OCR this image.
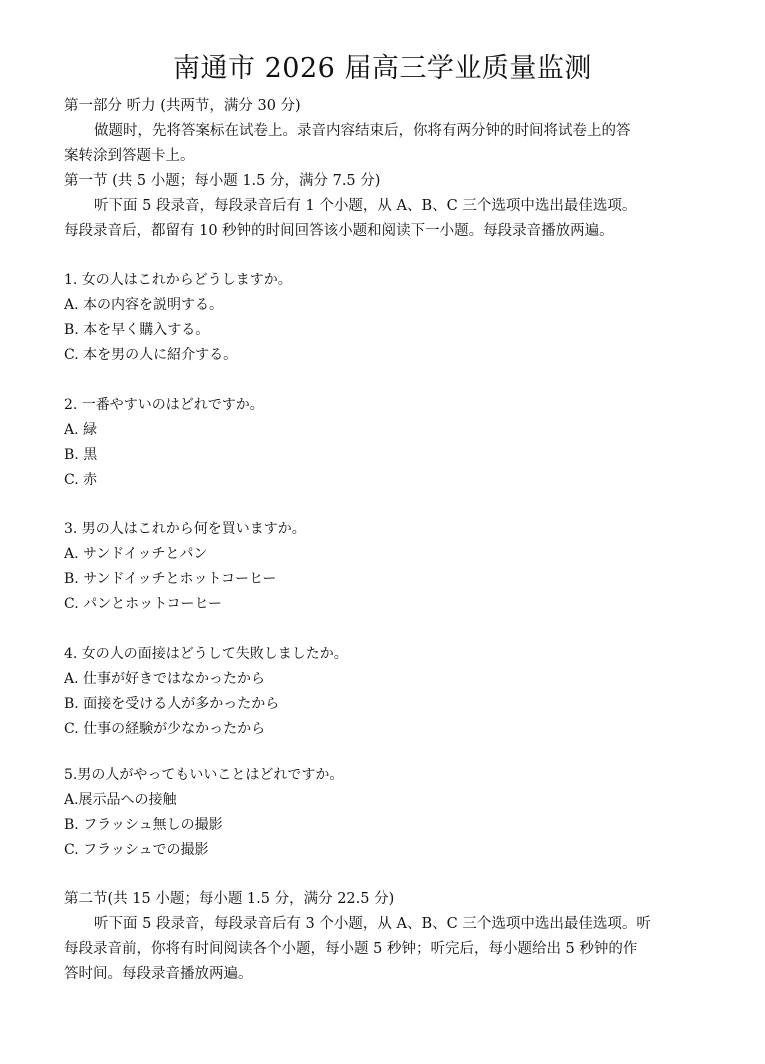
南通市 2026 届高三学业质量监测
第一部分 听力 (共两节，满分 30 分)
做题时，先将答案标在试卷上。录音内容结束后，你将有两分钟的时间将试卷上的答
案转涂到答题卡上。
第一节 (共 5 小题；每小题 1.5 分，满分 7.5 分)
听下面 5 段录音，每段录音后有 1 个小题，从 A、B、C 三个选项中选出最佳选项。
每段录音后，都留有 10 秒钟的时间回答该小题和阅读下一小题。每段录音播放两遍。
1. 女の人はこれからどうしますか。
A. 本の内容を説明する。
B. 本を早く購入する。
C. 本を男の人に紹介する。
2. 一番やすいのはどれですか。
A. 緑
B. 黒
C. 赤
3. 男の人はこれから何を買いますか。
A. サンドイッチとパン
B. サンドイッチとホットコーヒー
C. パンとホットコーヒー
4. 女の人の面接はどうして失敗しましたか。
A. 仕事が好きではなかったから
B. 面接を受ける人が多かったから
C. 仕事の経験が少なかったから
5.男の人がやってもいいことはどれですか。
A.展示品への接触
B. フラッシュ無しの撮影
C. フラッシュでの撮影
第二节(共 15 小题；每小题 1.5 分，满分 22.5 分)
听下面 5 段录音，每段录音后有 3 个小题，从 A、B、C 三个选项中选出最佳选项。听
每段录音前，你将有时间阅读各个小题，每小题 5 秒钟；听完后，每小题给出 5 秒钟的作
答时间。每段录音播放两遍。
